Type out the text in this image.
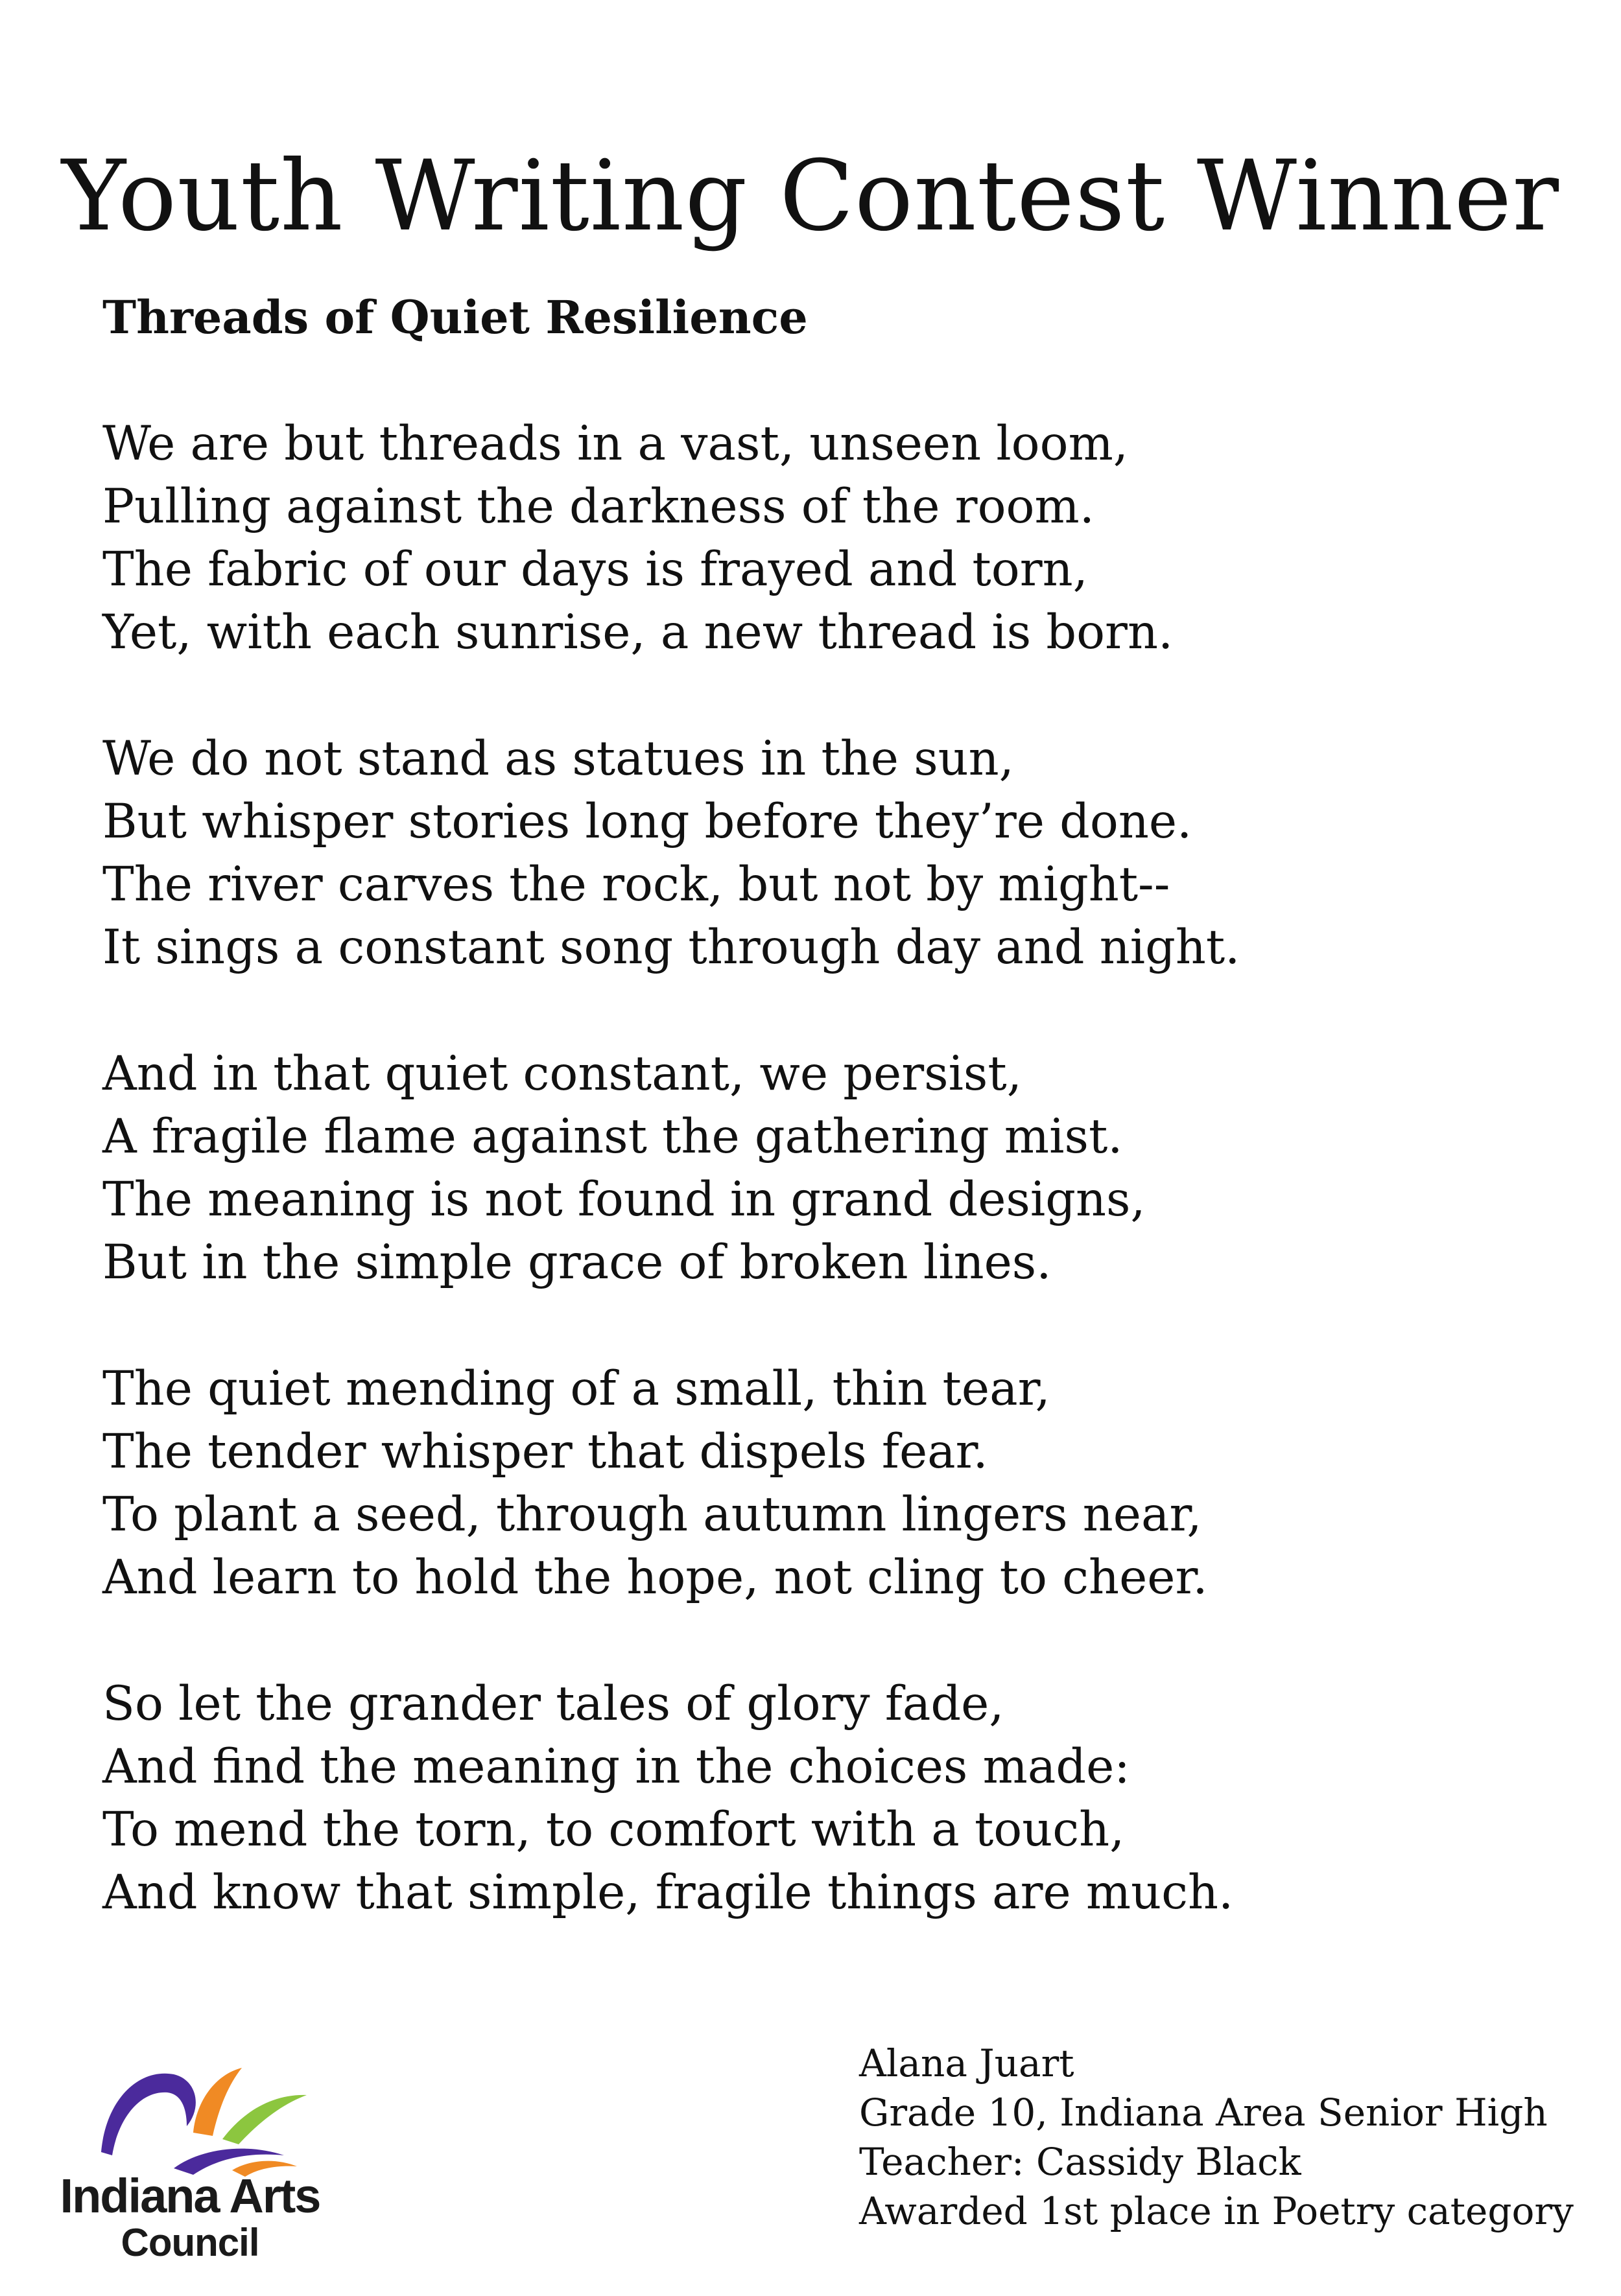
Youth Writing Contest Winner
Threads of Quiet Resilience
We are but threads in a vast, unseen loom,
Pulling against the darkness of the room.
The fabric of our days is frayed and torn,
Yet, with each sunrise, a new thread is born.
We do not stand as statues in the sun,
But whisper stories long before they’re done.
The river carves the rock, but not by might--
It sings a constant song through day and night.
And in that quiet constant, we persist,
A fragile flame against the gathering mist.
The meaning is not found in grand designs,
But in the simple grace of broken lines.
The quiet mending of a small, thin tear,
The tender whisper that dispels fear.
To plant a seed, through autumn lingers near,
And learn to hold the hope, not cling to cheer.
So let the grander tales of glory fade,
And find the meaning in the choices made:
To mend the torn, to comfort with a touch,
And know that simple, fragile things are much.
Indiana Arts
Council
Alana Juart
Grade 10, Indiana Area Senior High
Teacher: Cassidy Black
Awarded 1st place in Poetry category
